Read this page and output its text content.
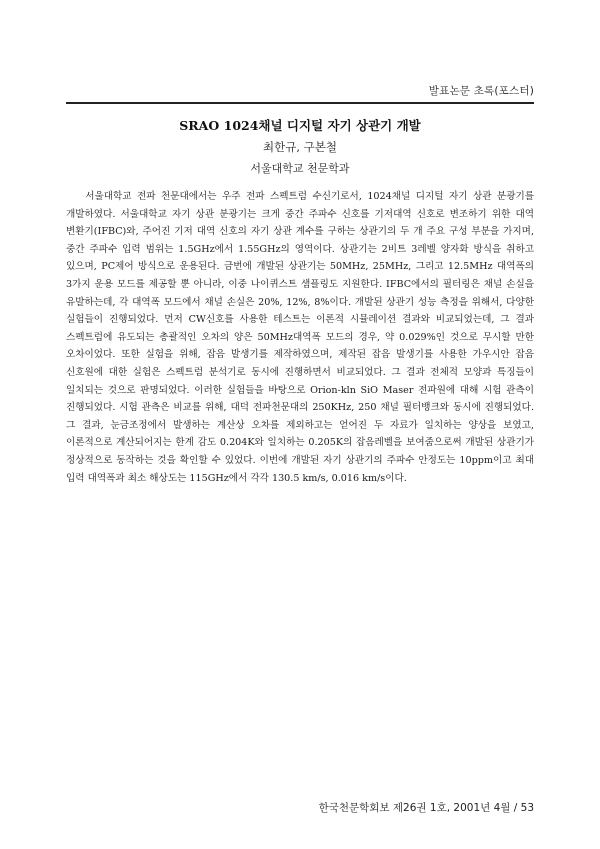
발표논문 초록(포스터)
SRAO 1024채널 디지털 자기 상관기 개발
최한규, 구본철
서울대학교 천문학과

서울대학교 전파 천문대에서는 우주 전파 스펙트럼 수신기로서, 1024채널 디지털 자기 상관 분광기를 개발하였다. 서울대학교 자기 상관 분광기는 크게 중간 주파수 신호를 기저대역 신호로 변조하기 위한 대역 변환기(IFBC)와, 주어진 기저 대역 신호의 자기 상관 계수를 구하는 상관기의 두 개 주요 구성 부분을 가지며, 중간 주파수 입력 범위는 1.5GHz에서 1.55GHz의 영역이다. 상관기는 2비트 3레벨 양자화 방식을 취하고 있으며, PC제어 방식으로 운용된다. 금번에 개발된 상관기는 50MHz, 25MHz, 그리고 12.5MHz 대역폭의 3가지 운용 모드를 제공할 뿐 아니라, 이중 나이퀴스트 샘플링도 지원한다. IFBC에서의 필터링은 채널 손실을 유발하는데, 각 대역폭 모드에서 채널 손실은 20%, 12%, 8%이다. 개발된 상관기 성능 측정을 위해서, 다양한 실험들이 진행되었다. 먼저 CW신호를 사용한 테스트는 이론적 시뮬레이션 결과와 비교되었는데, 그 결과 스펙트럼에 유도되는 총괄적인 오차의 양은 50MHz대역폭 모드의 경우, 약 0.029%인 것으로 무시할 만한 오차이었다. 또한 실험을 위해, 잡음 발생기를 제작하였으며, 제작된 잡음 발생기를 사용한 가우시안 잡음 신호원에 대한 실험은 스펙트럼 분석기로 동시에 진행하면서 비교되었다. 그 결과 전체적 모양과 특징들이 일치되는 것으로 판명되었다. 이러한 실험들을 바탕으로 Orion-kln SiO Maser 전파원에 대해 시험 관측이 진행되었다. 시험 관측은 비교를 위해, 대덕 전파천문대의 250KHz, 250 채널 필터뱅크와 동시에 진행되었다. 그 결과, 눈금조정에서 발생하는 계산상 오차를 제외하고는 얻어진 두 자료가 일치하는 양상을 보였고, 이론적으로 계산되어지는 한계 감도 0.204K와 일치하는 0.205K의 잡음레벨을 보여줌으로써 개발된 상관기가 정상적으로 동작하는 것을 확인할 수 있었다. 이번에 개발된 자기 상관기의 주파수 안정도는 10ppm이고 최대 입력 대역폭과 최소 해상도는 115GHz에서 각각 130.5 km/s, 0.016 km/s이다.

한국천문학회보 제26권 1호, 2001년 4월 / 53
